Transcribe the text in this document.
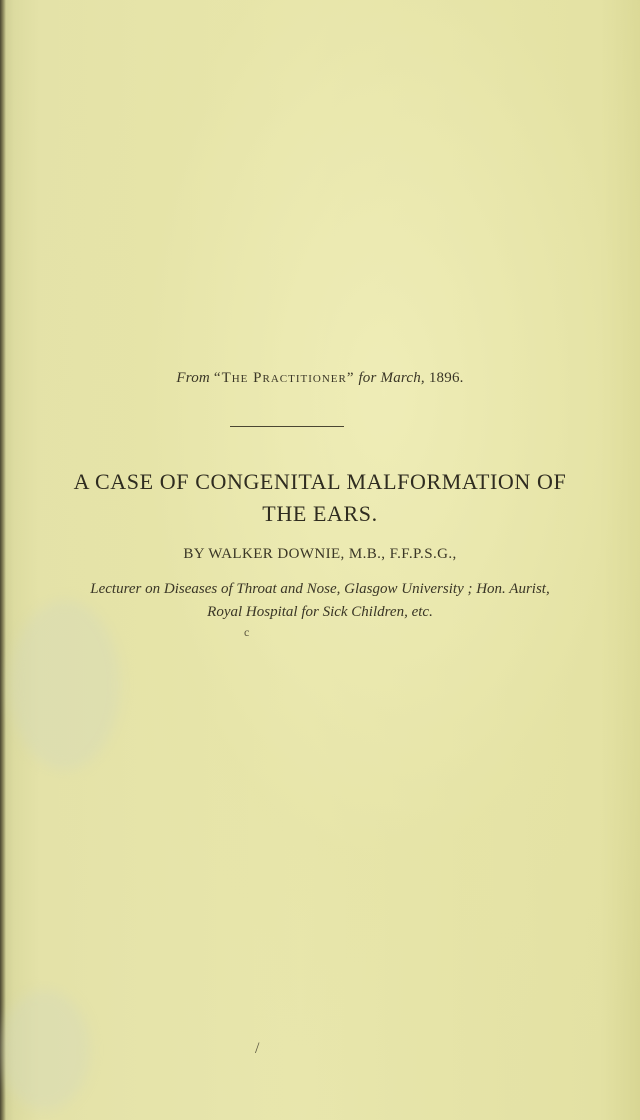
From “The Practitioner” for March, 1896.
A CASE OF CONGENITAL MALFORMATION OF
THE EARS.
BY WALKER DOWNIE, M.B., F.F.P.S.G.,
Lecturer on Diseases of Throat and Nose, Glasgow University ; Hon. Aurist,
Royal Hospital for Sick Children, etc.
c
/
